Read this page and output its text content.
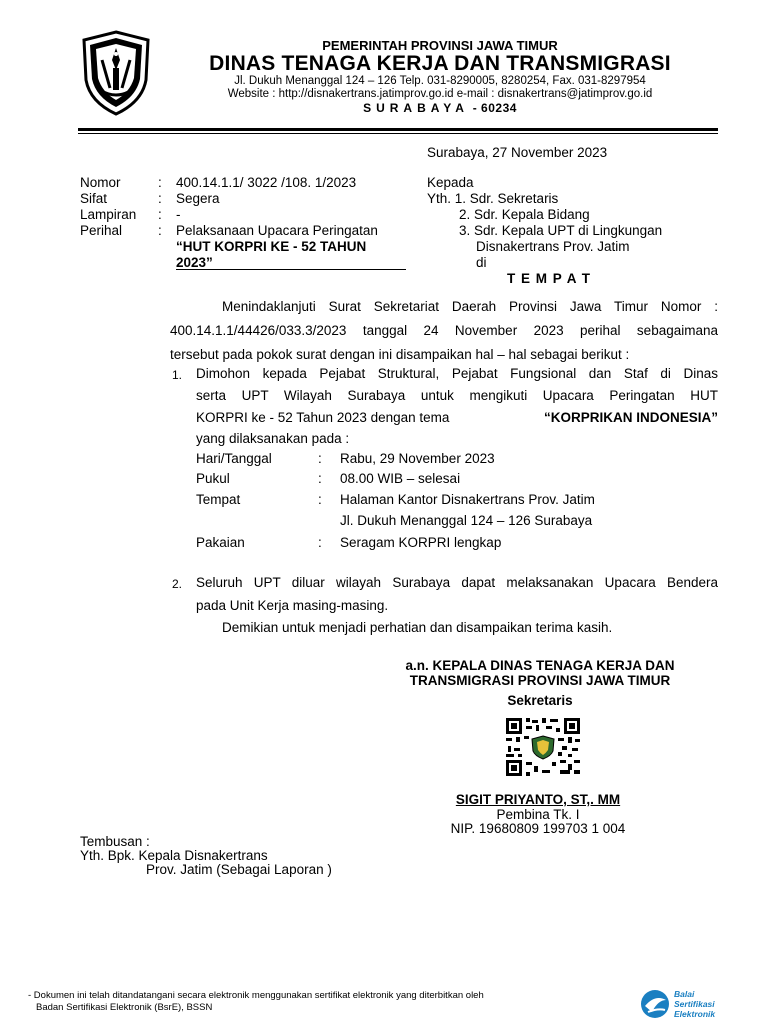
PEMERINTAH PROVINSI JAWA TIMUR
DINAS TENAGA KERJA DAN TRANSMIGRASI
Jl. Dukuh Menanggal 124 – 126 Telp. 031-8290005, 8280254, Fax. 031-8297954
Website : http://disnakertrans.jatimprov.go.id e-mail : disnakertrans@jatimprov.go.id
SURABAYA - 60234
Surabaya, 27 November 2023
Nomor	: 400.14.1.1/ 3022 /108. 1/2023
Sifat	: Segera
Lampiran : -
Perihal	: Pelaksanaan Upacara Peringatan
“HUT KORPRI KE - 52 TAHUN
2023”
Kepada
Yth. 1. Sdr. Sekretaris
2. Sdr. Kepala Bidang
3. Sdr. Kepala UPT di Lingkungan
Disnakertrans Prov. Jatim
di
T E M P A T
Menindaklanjuti Surat Sekretariat Daerah Provinsi Jawa Timur Nomor :
400.14.1.1/44426/033.3/2023 tanggal 24 November 2023 perihal sebagaimana
tersebut pada pokok surat dengan ini disampaikan hal – hal sebagai berikut :
1. Dimohon kepada Pejabat Struktural, Pejabat Fungsional dan Staf di Dinas
serta UPT Wilayah Surabaya untuk mengikuti Upacara Peringatan HUT
KORPRI ke - 52 Tahun 2023 dengan tema	“KORPRIKAN INDONESIA”
yang dilaksanakan pada :
Hari/Tanggal	: Rabu, 29 November 2023
Pukul	: 08.00 WIB – selesai
Tempat	: Halaman Kantor Disnakertrans Prov. Jatim
Jl. Dukuh Menanggal 124 – 126 Surabaya
Pakaian	: Seragam KORPRI lengkap
2. Seluruh UPT diluar wilayah Surabaya dapat melaksanakan Upacara Bendera
pada Unit Kerja masing-masing.
Demikian untuk menjadi perhatian dan disampaikan terima kasih.
a.n. KEPALA DINAS TENAGA KERJA DAN
TRANSMIGRASI PROVINSI JAWA TIMUR
Sekretaris
SIGIT PRIYANTO, ST,. MM
Pembina Tk. I
NIP. 19680809 199703 1 004
Tembusan :
Yth. Bpk. Kepala Disnakertrans
Prov. Jatim (Sebagai Laporan )
- Dokumen ini telah ditandatangani secara elektronik menggunakan sertifikat elektronik yang diterbitkan oleh
Badan Sertifikasi Elektronik (BsrE), BSSN
Balai
Sertifikasi
Elektronik
